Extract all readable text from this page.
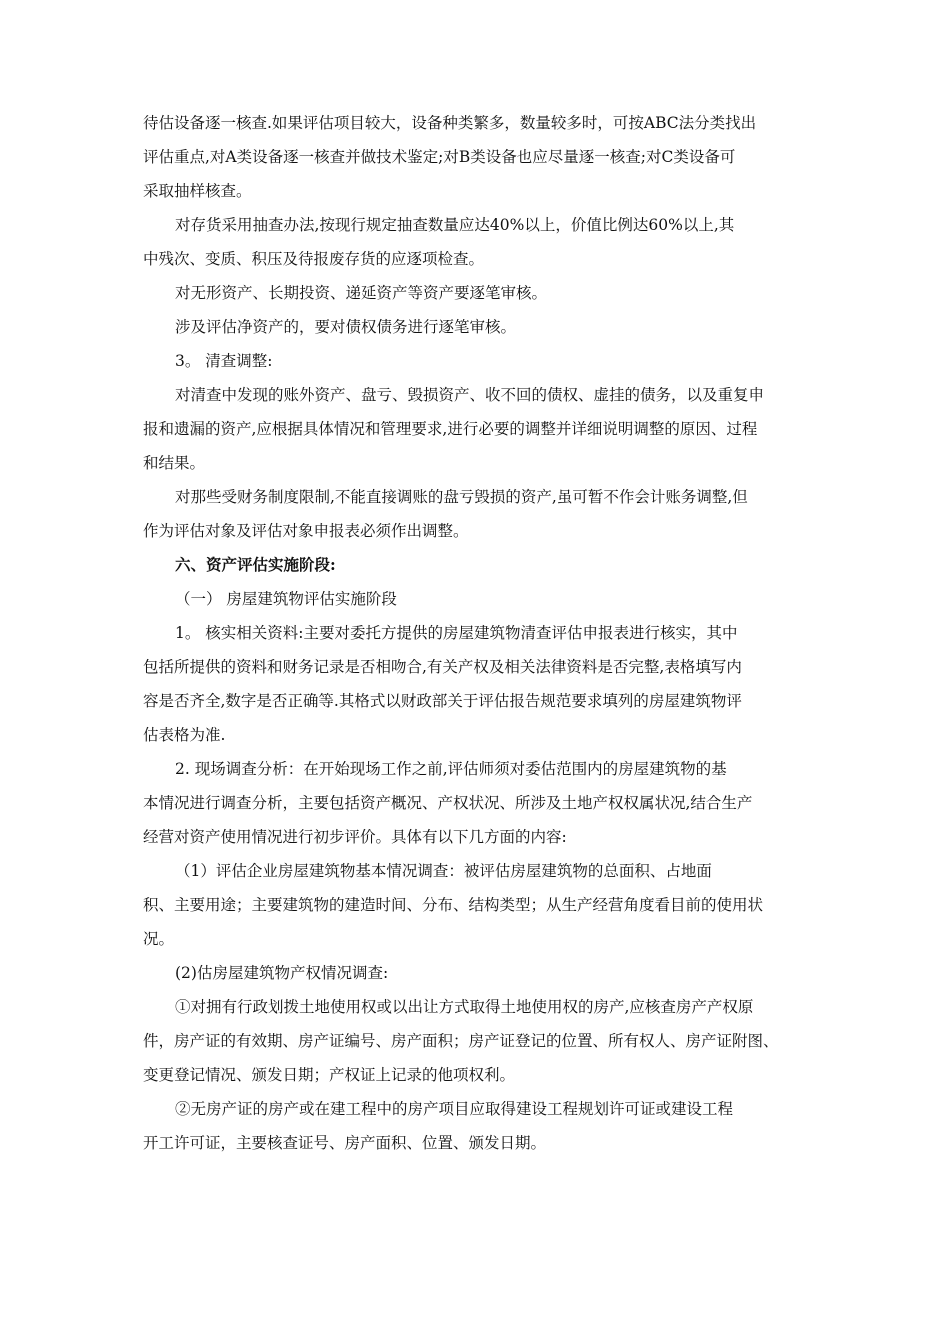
待估设备逐一核查.如果评估项目较大，设备种类繁多，数量较多时，可按ABC法分类找出
评估重点,对A类设备逐一核查并做技术鉴定;对B类设备也应尽量逐一核查;对C类设备可
采取抽样核查。
对存货采用抽查办法,按现行规定抽查数量应达40%以上，价值比例达60%以上,其
中残次、变质、积压及待报废存货的应逐项检查。
对无形资产、长期投资、递延资产等资产要逐笔审核。
涉及评估净资产的，要对债权债务进行逐笔审核。
3。 清查调整:
对清查中发现的账外资产、盘亏、毁损资产、收不回的债权、虚挂的债务，以及重复申
报和遗漏的资产,应根据具体情况和管理要求,进行必要的调整并详细说明调整的原因、过程
和结果。
对那些受财务制度限制,不能直接调账的盘亏毁损的资产,虽可暂不作会计账务调整,但
作为评估对象及评估对象申报表必须作出调整。
六、资产评估实施阶段:
（一） 房屋建筑物评估实施阶段
1。 核实相关资料:主要对委托方提供的房屋建筑物清查评估申报表进行核实，其中
包括所提供的资料和财务记录是否相吻合,有关产权及相关法律资料是否完整,表格填写内
容是否齐全,数字是否正确等.其格式以财政部关于评估报告规范要求填列的房屋建筑物评
估表格为准.
2. 现场调查分析：在开始现场工作之前,评估师须对委估范围内的房屋建筑物的基
本情况进行调查分析，主要包括资产概况、产权状况、所涉及土地产权权属状况,结合生产
经营对资产使用情况进行初步评价。具体有以下几方面的内容:
（1）评估企业房屋建筑物基本情况调查：被评估房屋建筑物的总面积、占地面
积、主要用途；主要建筑物的建造时间、分布、结构类型；从生产经营角度看目前的使用状
况。
(2)估房屋建筑物产权情况调查:
①对拥有行政划拨土地使用权或以出让方式取得土地使用权的房产,应核查房产产权原
件，房产证的有效期、房产证编号、房产面积；房产证登记的位置、所有权人、房产证附图、
变更登记情况、颁发日期；产权证上记录的他项权利。
②无房产证的房产或在建工程中的房产项目应取得建设工程规划许可证或建设工程
开工许可证，主要核查证号、房产面积、位置、颁发日期。
